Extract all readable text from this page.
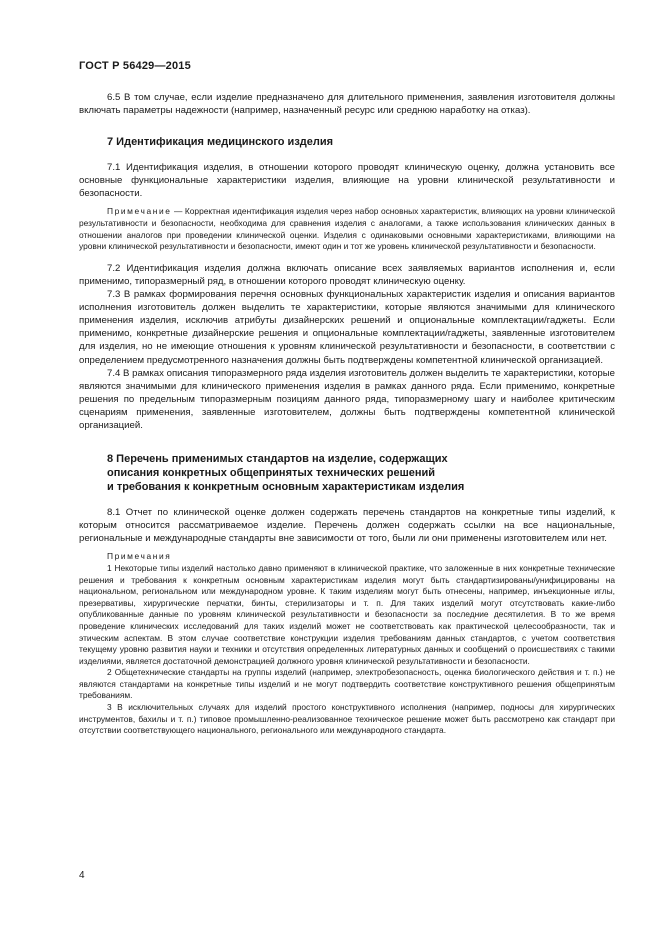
ГОСТ Р 56429—2015

6.5 В том случае, если изделие предназначено для длительного применения, заявления изготовителя должны включать параметры надежности (например, назначенный ресурс или среднюю наработку на отказ).

7 Идентификация медицинского изделия

7.1 Идентификация изделия, в отношении которого проводят клиническую оценку, должна установить все основные функциональные характеристики изделия, влияющие на уровни клинической результативности и безопасности.

Примечание — Корректная идентификация изделия через набор основных характеристик, влияющих на уровни клинической результативности и безопасности, необходима для сравнения изделия с аналогами, а также использования клинических данных в отношении аналогов при проведении клинической оценки. Изделия с одинаковыми основными характеристиками, влияющими на уровни клинической результативности и безопасности, имеют один и тот же уровень клинической результативности и безопасности.

7.2 Идентификация изделия должна включать описание всех заявляемых вариантов исполнения и, если применимо, типоразмерный ряд, в отношении которого проводят клиническую оценку.

7.3 В рамках формирования перечня основных функциональных характеристик изделия и описания вариантов исполнения изготовитель должен выделить те характеристики, которые являются значимыми для клинического применения изделия, исключив атрибуты дизайнерских решений и опциональные комплектации/гаджеты. Если применимо, конкретные дизайнерские решения и опциональные комплектации/гаджеты, заявленные изготовителем для изделия, но не имеющие отношения к уровням клинической результативности и безопасности, в соответствии с определением предусмотренного назначения должны быть подтверждены компетентной клинической организацией.

7.4 В рамках описания типоразмерного ряда изделия изготовитель должен выделить те характеристики, которые являются значимыми для клинического применения изделия в рамках данного ряда. Если применимо, конкретные решения по предельным типоразмерным позициям данного ряда, типоразмерному шагу и наиболее критическим сценариям применения, заявленные изготовителем, должны быть подтверждены компетентной клинической организацией.

8 Перечень применимых стандартов на изделие, содержащих
описания конкретных общепринятых технических решений
и требования к конкретным основным характеристикам изделия

8.1 Отчет по клинической оценке должен содержать перечень стандартов на конкретные типы изделий, к которым относится рассматриваемое изделие. Перечень должен содержать ссылки на все национальные, региональные и международные стандарты вне зависимости от того, были ли они применены изготовителем или нет.

Примечания

1 Некоторые типы изделий настолько давно применяют в клинической практике, что заложенные в них конкретные технические решения и требования к конкретным основным характеристикам изделия могут быть стандартизированы/унифицированы на национальном, региональном или международном уровне. К таким изделиям могут быть отнесены, например, инъекционные иглы, презервативы, хирургические перчатки, бинты, стерилизаторы и т. п. Для таких изделий могут отсутствовать какие-либо опубликованные данные по уровням клинической результативности и безопасности за последние десятилетия. В то же время проведение клинических исследований для таких изделий может не соответствовать как практической целесообразности, так и этическим аспектам. В этом случае соответствие конструкции изделия требованиям данных стандартов, с учетом соответствия текущему уровню развития науки и техники и отсутствия определенных литературных данных и сообщений о происшествиях с такими изделиями, является достаточной демонстрацией должного уровня клинической результативности и безопасности.

2 Общетехнические стандарты на группы изделий (например, электробезопасность, оценка биологического действия и т. п.) не являются стандартами на конкретные типы изделий и не могут подтвердить соответствие конструктивного решения общепринятым требованиям.

3 В исключительных случаях для изделий простого конструктивного исполнения (например, подносы для хирургических инструментов, бахилы и т. п.) типовое промышленно-реализованное техническое решение может быть рассмотрено как стандарт при отсутствии соответствующего национального, регионального или международного стандарта.

4
